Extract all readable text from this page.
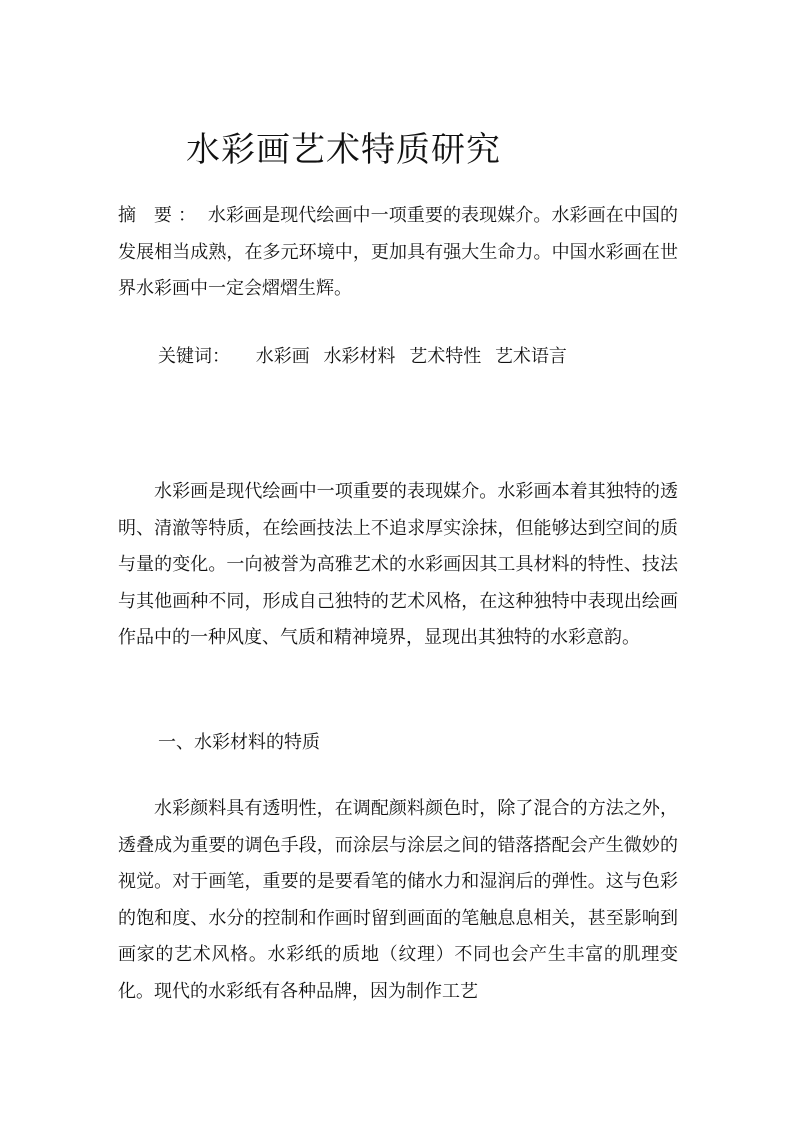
水彩画艺术特质研究
摘 要： 水彩画是现代绘画中一项重要的表现媒介。水彩画在中国的发展相当成熟，在多元环境中，更加具有强大生命力。中国水彩画在世界水彩画中一定会熠熠生辉。
关键词： 水彩画 水彩材料 艺术特性 艺术语言
水彩画是现代绘画中一项重要的表现媒介。水彩画本着其独特的透明、清澈等特质，在绘画技法上不追求厚实涂抹，但能够达到空间的质与量的变化。一向被誉为高雅艺术的水彩画因其工具材料的特性、技法与其他画种不同，形成自己独特的艺术风格，在这种独特中表现出绘画作品中的一种风度、气质和精神境界，显现出其独特的水彩意韵。
一、水彩材料的特质
水彩颜料具有透明性，在调配颜料颜色时，除了混合的方法之外，透叠成为重要的调色手段，而涂层与涂层之间的错落搭配会产生微妙的视觉。对于画笔，重要的是要看笔的储水力和湿润后的弹性。这与色彩的饱和度、水分的控制和作画时留到画面的笔触息息相关，甚至影响到画家的艺术风格。水彩纸的质地（纹理）不同也会产生丰富的肌理变化。现代的水彩纸有各种品牌，因为制作工艺
